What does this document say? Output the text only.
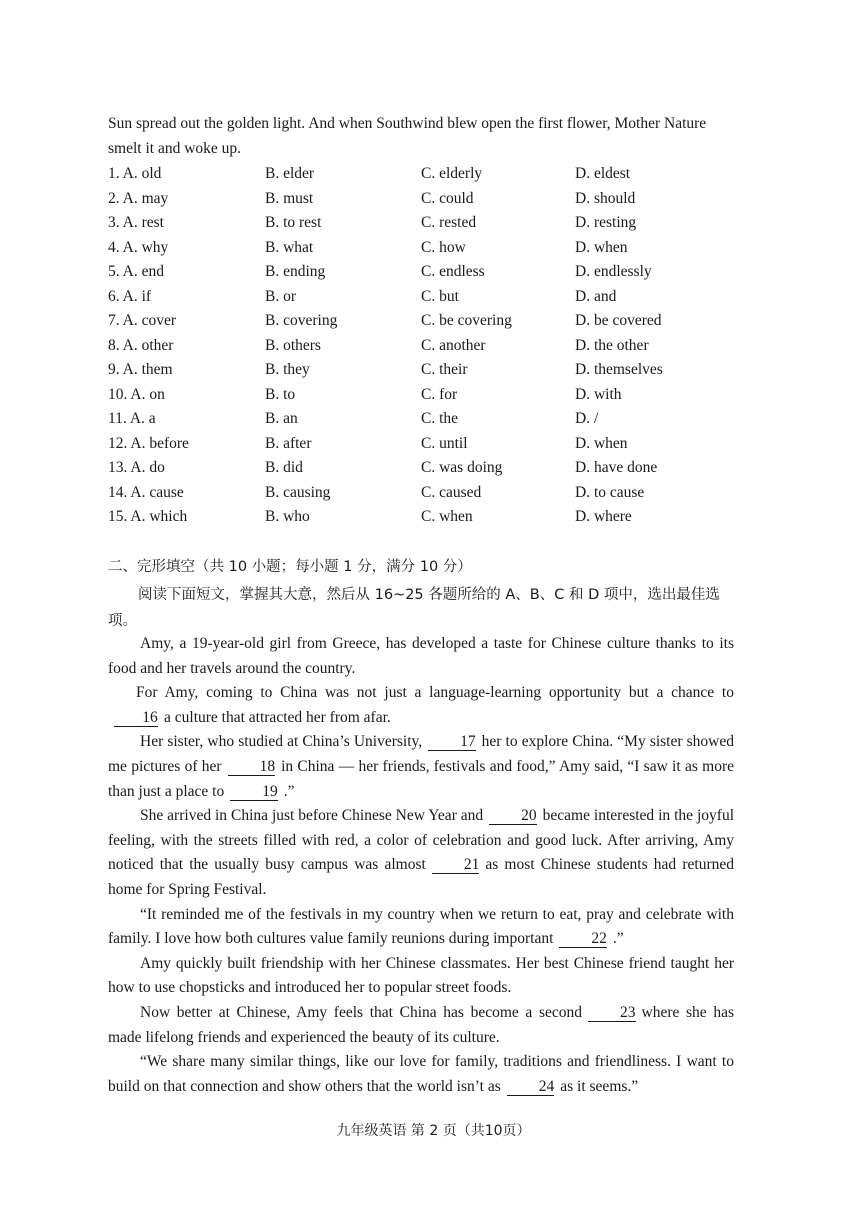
Sun spread out the golden light. And when Southwind blew open the first flower, Mother Nature smelt it and woke up.
1. A. old	B. elder	C. elderly	D. eldest
2. A. may	B. must	C. could	D. should
3. A. rest	B. to rest	C. rested	D. resting
4. A. why	B. what	C. how	D. when
5. A. end	B. ending	C. endless	D. endlessly
6. A. if	B. or	C. but	D. and
7. A. cover	B. covering	C. be covering	D. be covered
8. A. other	B. others	C. another	D. the other
9. A. them	B. they	C. their	D. themselves
10. A. on	B. to	C. for	D. with
11. A. a	B. an	C. the	D. /
12. A. before	B. after	C. until	D. when
13. A. do	B. did	C. was doing	D. have done
14. A. cause	B. causing	C. caused	D. to cause
15. A. which	B. who	C. when	D. where
二、完形填空（共 10 小题；每小题 1 分，满分 10 分）
阅读下面短文，掌握其大意，然后从 16~25 各题所给的 A、B、C 和 D 项中，选出最佳选项。

Amy, a 19-year-old girl from Greece, has developed a taste for Chinese culture thanks to its food and her travels around the country.

For Amy, coming to China was not just a language-learning opportunity but a chance to16 a culture that attracted her from afar.

Her sister, who studied at China’s University, 17 her to explore China. “My sister showed me pictures of her 18 in China — her friends, festivals and food,” Amy said, “I saw it as more than just a place to 19 .”

She arrived in China just before Chinese New Year and 20 became interested in the joyful feeling, with the streets filled with red, a color of celebration and good luck. After arriving, Amy noticed that the usually busy campus was almost 21 as most Chinese students had returned home for Spring Festival.

“It reminded me of the festivals in my country when we return to eat, pray and celebrate with family. I love how both cultures value family reunions during important 22 .”

Amy quickly built friendship with her Chinese classmates. Her best Chinese friend taught her how to use chopsticks and introduced her to popular street foods.

Now better at Chinese, Amy feels that China has become a second 23 where she has made lifelong friends and experienced the beauty of its culture.

“We share many similar things, like our love for family, traditions and friendliness. I want to build on that connection and show others that the world isn’t as 24 as it seems.”

九年级英语 第 2 页（共10页）
